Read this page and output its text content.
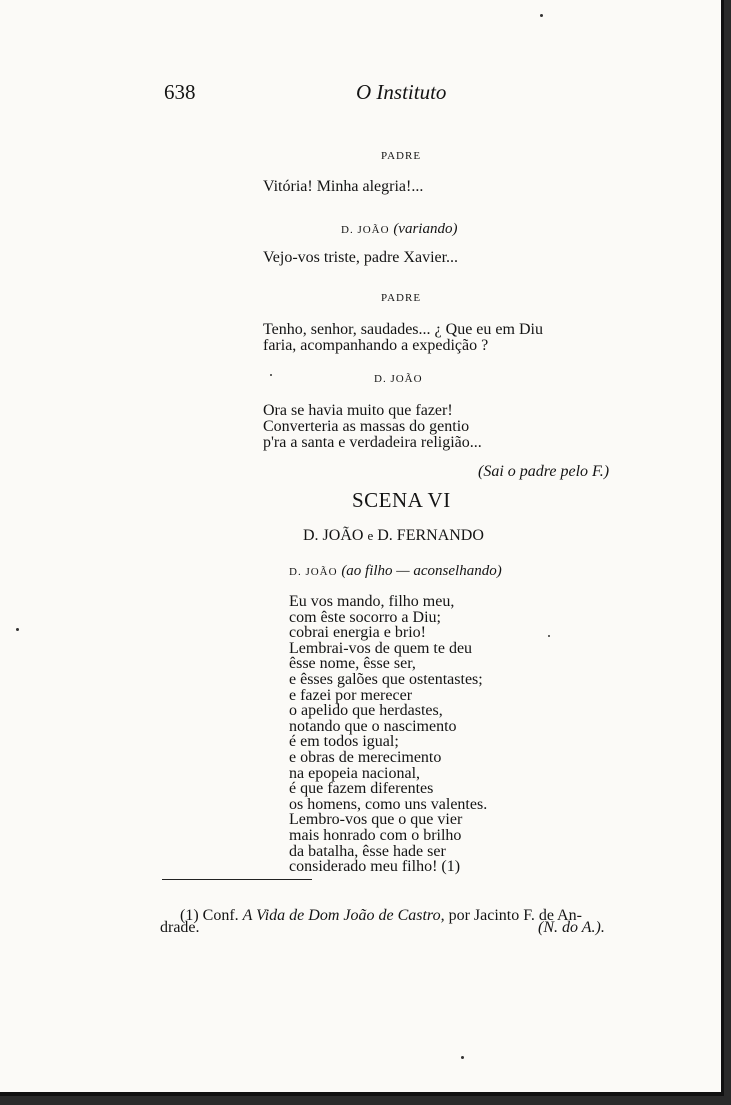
638	O Instituto
PADRE
Vitória! Minha alegria!...
D. JOÃO (variando)
Vejo-vos triste, padre Xavier...
PADRE
Tenho, senhor, saudades... ¿ Que eu em Diu
faria, acompanhando a expedição ?
D. JOÃO
Ora se havia muito que fazer!
Converteria as massas do gentio
p'ra a santa e verdadeira religião...
(Sai o padre pelo F.)
SCENA VI
D. JOÃO e D. FERNANDO
D. JOÃO (ao filho — aconselhando)
Eu vos mando, filho meu,
com êste socorro a Diu;
cobrai energia e brio!
Lembrai-vos de quem te deu
êsse nome, êsse ser,
e êsses galões que ostentastes;
e fazei por merecer
o apelido que herdastes,
notando que o nascimento
é em todos igual;
e obras de merecimento
na epopeia nacional,
é que fazem diferentes
os homens, como uns valentes.
Lembro-vos que o que vier
mais honrado com o brilho
da batalha, êsse hade ser
considerado meu filho! (1)
(1) Conf. A Vida de Dom João de Castro, por Jacinto F. de An-
drade.	(N. do A.).
